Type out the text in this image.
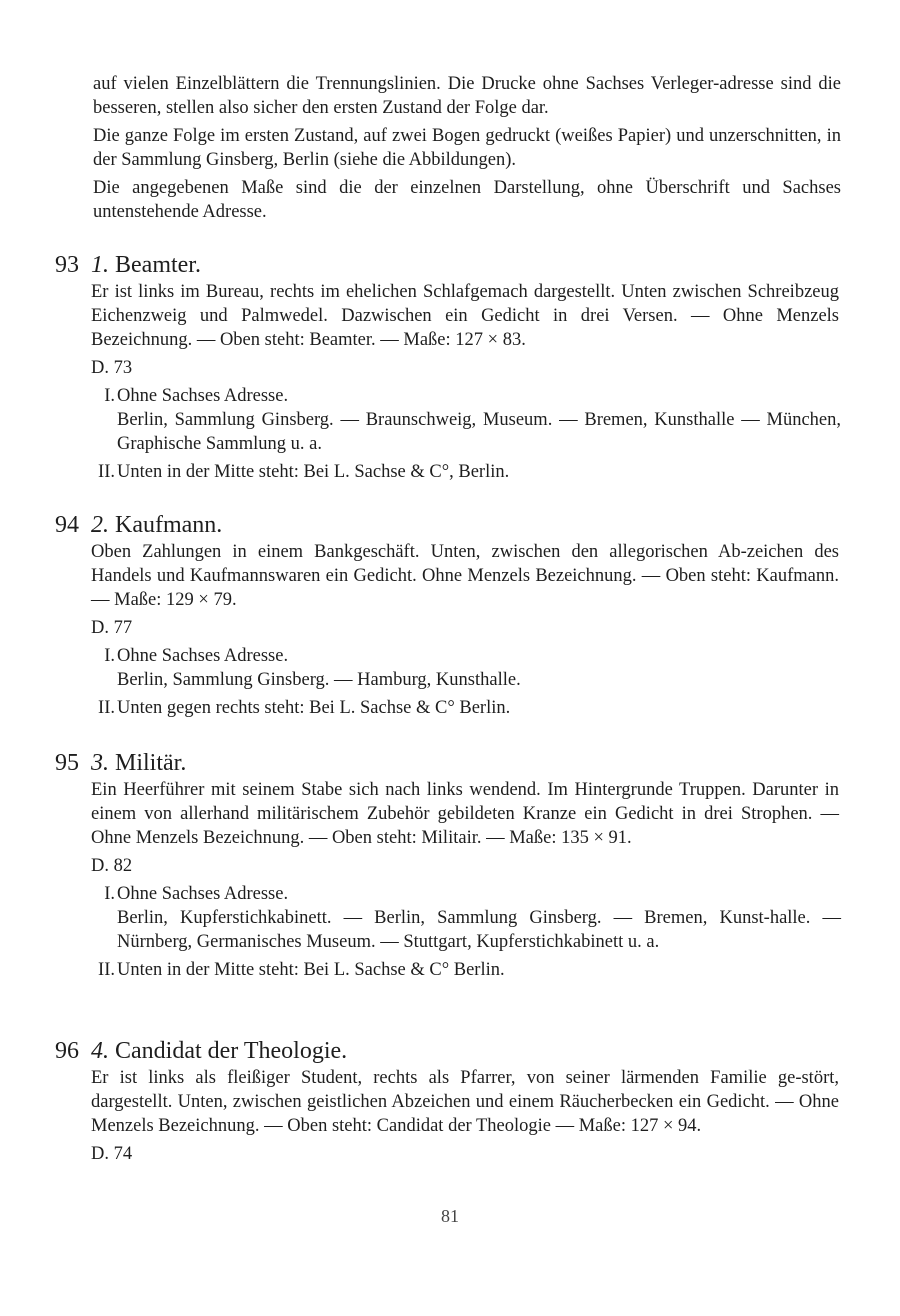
auf vielen Einzelblättern die Trennungslinien. Die Drucke ohne Sachses Verleger-adresse sind die besseren, stellen also sicher den ersten Zustand der Folge dar.

Die ganze Folge im ersten Zustand, auf zwei Bogen gedruckt (weißes Papier) und unzerschnitten, in der Sammlung Ginsberg, Berlin (siehe die Abbildungen).

Die angegebenen Maße sind die der einzelnen Darstellung, ohne Überschrift und Sachses untenstehende Adresse.

93 1. Beamter.
Er ist links im Bureau, rechts im ehelichen Schlafgemach dargestellt. Unten zwischen Schreibzeug Eichenzweig und Palmwedel. Dazwischen ein Gedicht in drei Versen. — Ohne Menzels Bezeichnung. — Oben steht: Beamter. — Maße: 127 × 83.
D. 73
I. Ohne Sachses Adresse.
Berlin, Sammlung Ginsberg. — Braunschweig, Museum. — Bremen, Kunsthalle — München, Graphische Sammlung u. a.
II. Unten in der Mitte steht: Bei L. Sachse & C°, Berlin.
94 2. Kaufmann.
Oben Zahlungen in einem Bankgeschäft. Unten, zwischen den allegorischen Ab-zeichen des Handels und Kaufmannswaren ein Gedicht. Ohne Menzels Bezeichnung. — Oben steht: Kaufmann. — Maße: 129 × 79.
D. 77
I. Ohne Sachses Adresse.
Berlin, Sammlung Ginsberg. — Hamburg, Kunsthalle.
II. Unten gegen rechts steht: Bei L. Sachse & C° Berlin.
95 3. Militär.
Ein Heerführer mit seinem Stabe sich nach links wendend. Im Hintergrunde Truppen. Darunter in einem von allerhand militärischem Zubehör gebildeten Kranze ein Gedicht in drei Strophen. — Ohne Menzels Bezeichnung. — Oben steht: Militair. — Maße: 135 × 91.
D. 82
I. Ohne Sachses Adresse.
Berlin, Kupferstichkabinett. — Berlin, Sammlung Ginsberg. — Bremen, Kunst-halle. — Nürnberg, Germanisches Museum. — Stuttgart, Kupferstichkabinett u. a.
II. Unten in der Mitte steht: Bei L. Sachse & C° Berlin.
96 4. Candidat der Theologie.
Er ist links als fleißiger Student, rechts als Pfarrer, von seiner lärmenden Familie ge-stört, dargestellt. Unten, zwischen geistlichen Abzeichen und einem Räucherbecken ein Gedicht. — Ohne Menzels Bezeichnung. — Oben steht: Candidat der Theologie — Maße: 127 × 94.
D. 74
81
